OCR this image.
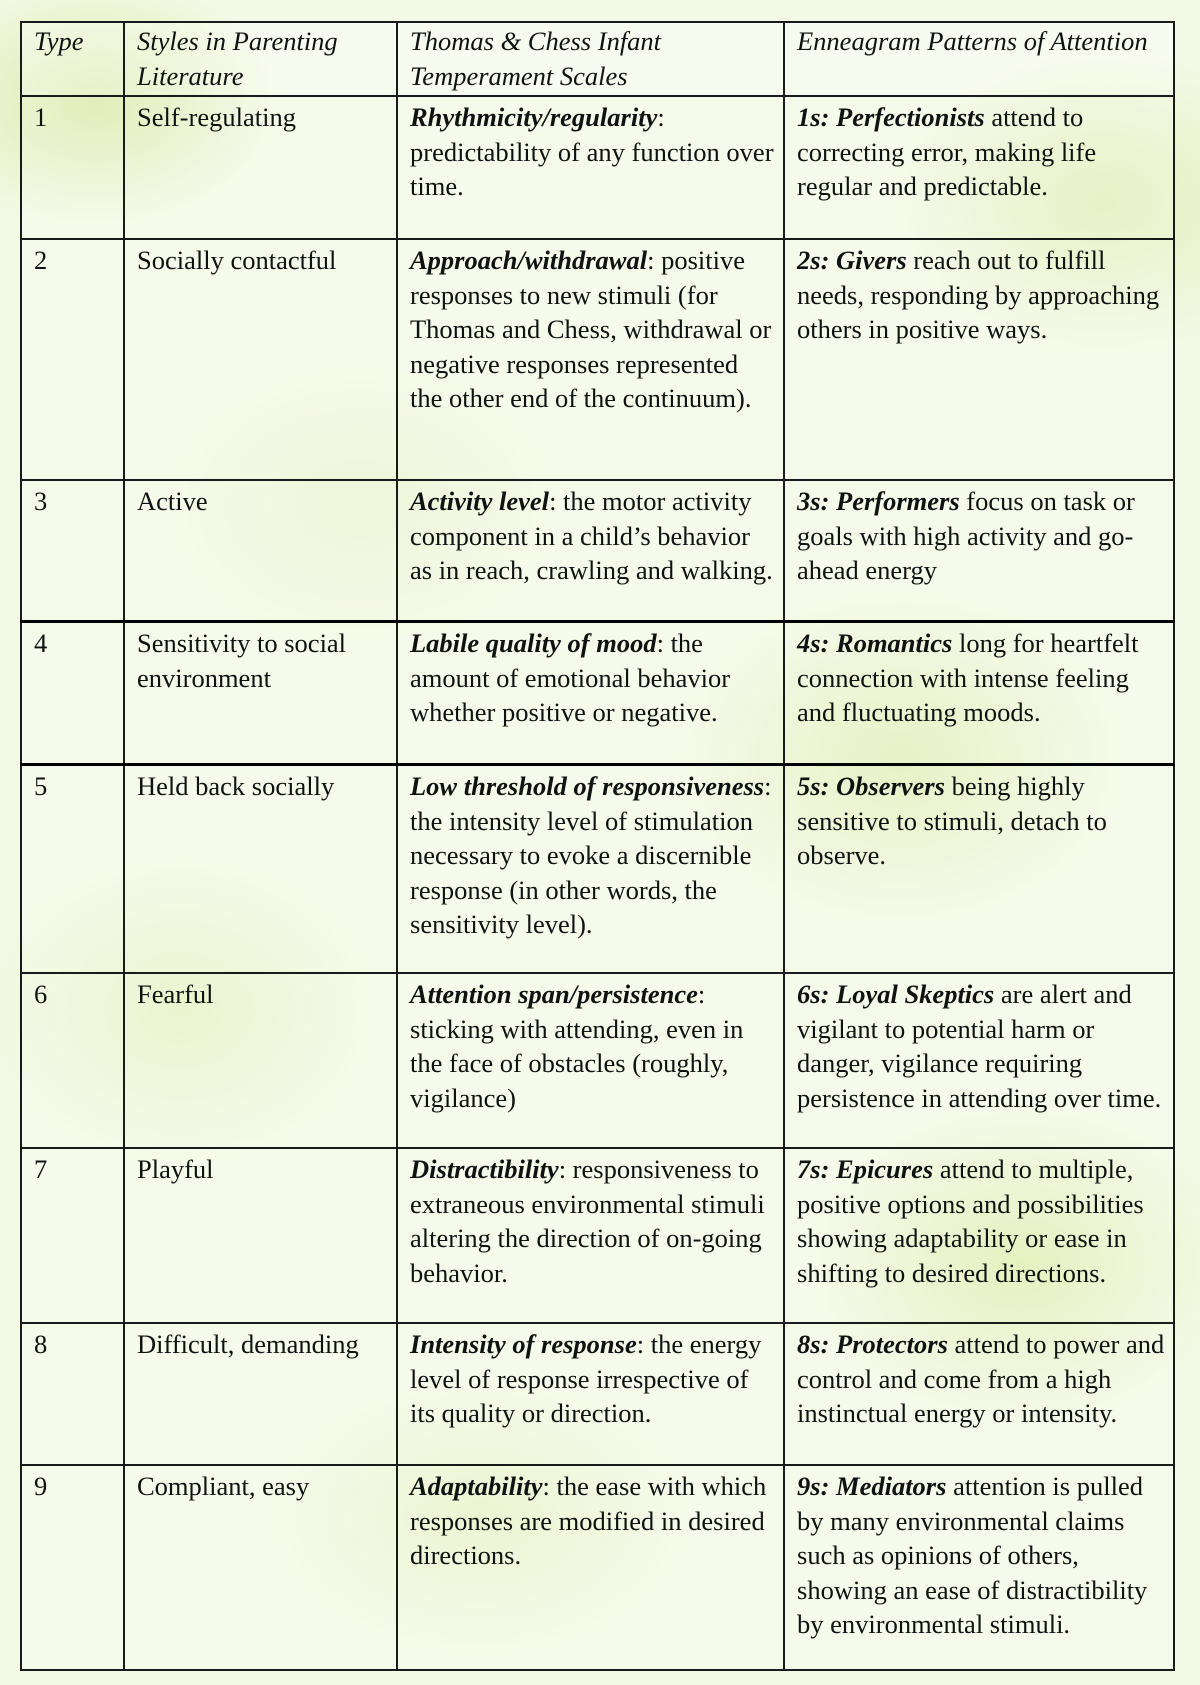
Type	Styles in Parenting Literature	Thomas & Chess Infant Temperament Scales	Enneagram Patterns of Attention
1	Self-regulating	Rhythmicity/regularity: predictability of any function over time.	1s: Perfectionists attend to correcting error, making life regular and predictable.
2	Socially contactful	Approach/withdrawal: positive responses to new stimuli (for Thomas and Chess, withdrawal or negative responses represented the other end of the continuum).	2s: Givers reach out to fulfill needs, responding by approaching others in positive ways.
3	Active	Activity level: the motor activity component in a child’s behavior as in reach, crawling and walking.	3s: Performers focus on task or goals with high activity and go-ahead energy
4	Sensitivity to social environment	Labile quality of mood: the amount of emotional behavior whether positive or negative.	4s: Romantics long for heartfelt connection with intense feeling and fluctuating moods.
5	Held back socially	Low threshold of responsiveness: the intensity level of stimulation necessary to evoke a discernible response (in other words, the sensitivity level).	5s: Observers being highly sensitive to stimuli, detach to observe.
6	Fearful	Attention span/persistence: sticking with attending, even in the face of obstacles (roughly, vigilance)	6s: Loyal Skeptics are alert and vigilant to potential harm or danger, vigilance requiring persistence in attending over time.
7	Playful	Distractibility: responsiveness to extraneous environmental stimuli altering the direction of on-going behavior.	7s: Epicures attend to multiple, positive options and possibilities showing adaptability or ease in shifting to desired directions.
8	Difficult, demanding	Intensity of response: the energy level of response irrespective of its quality or direction.	8s: Protectors attend to power and control and come from a high instinctual energy or intensity.
9	Compliant, easy	Adaptability: the ease with which responses are modified in desired directions.	9s: Mediators attention is pulled by many environmental claims such as opinions of others, showing an ease of distractibility by environmental stimuli.
